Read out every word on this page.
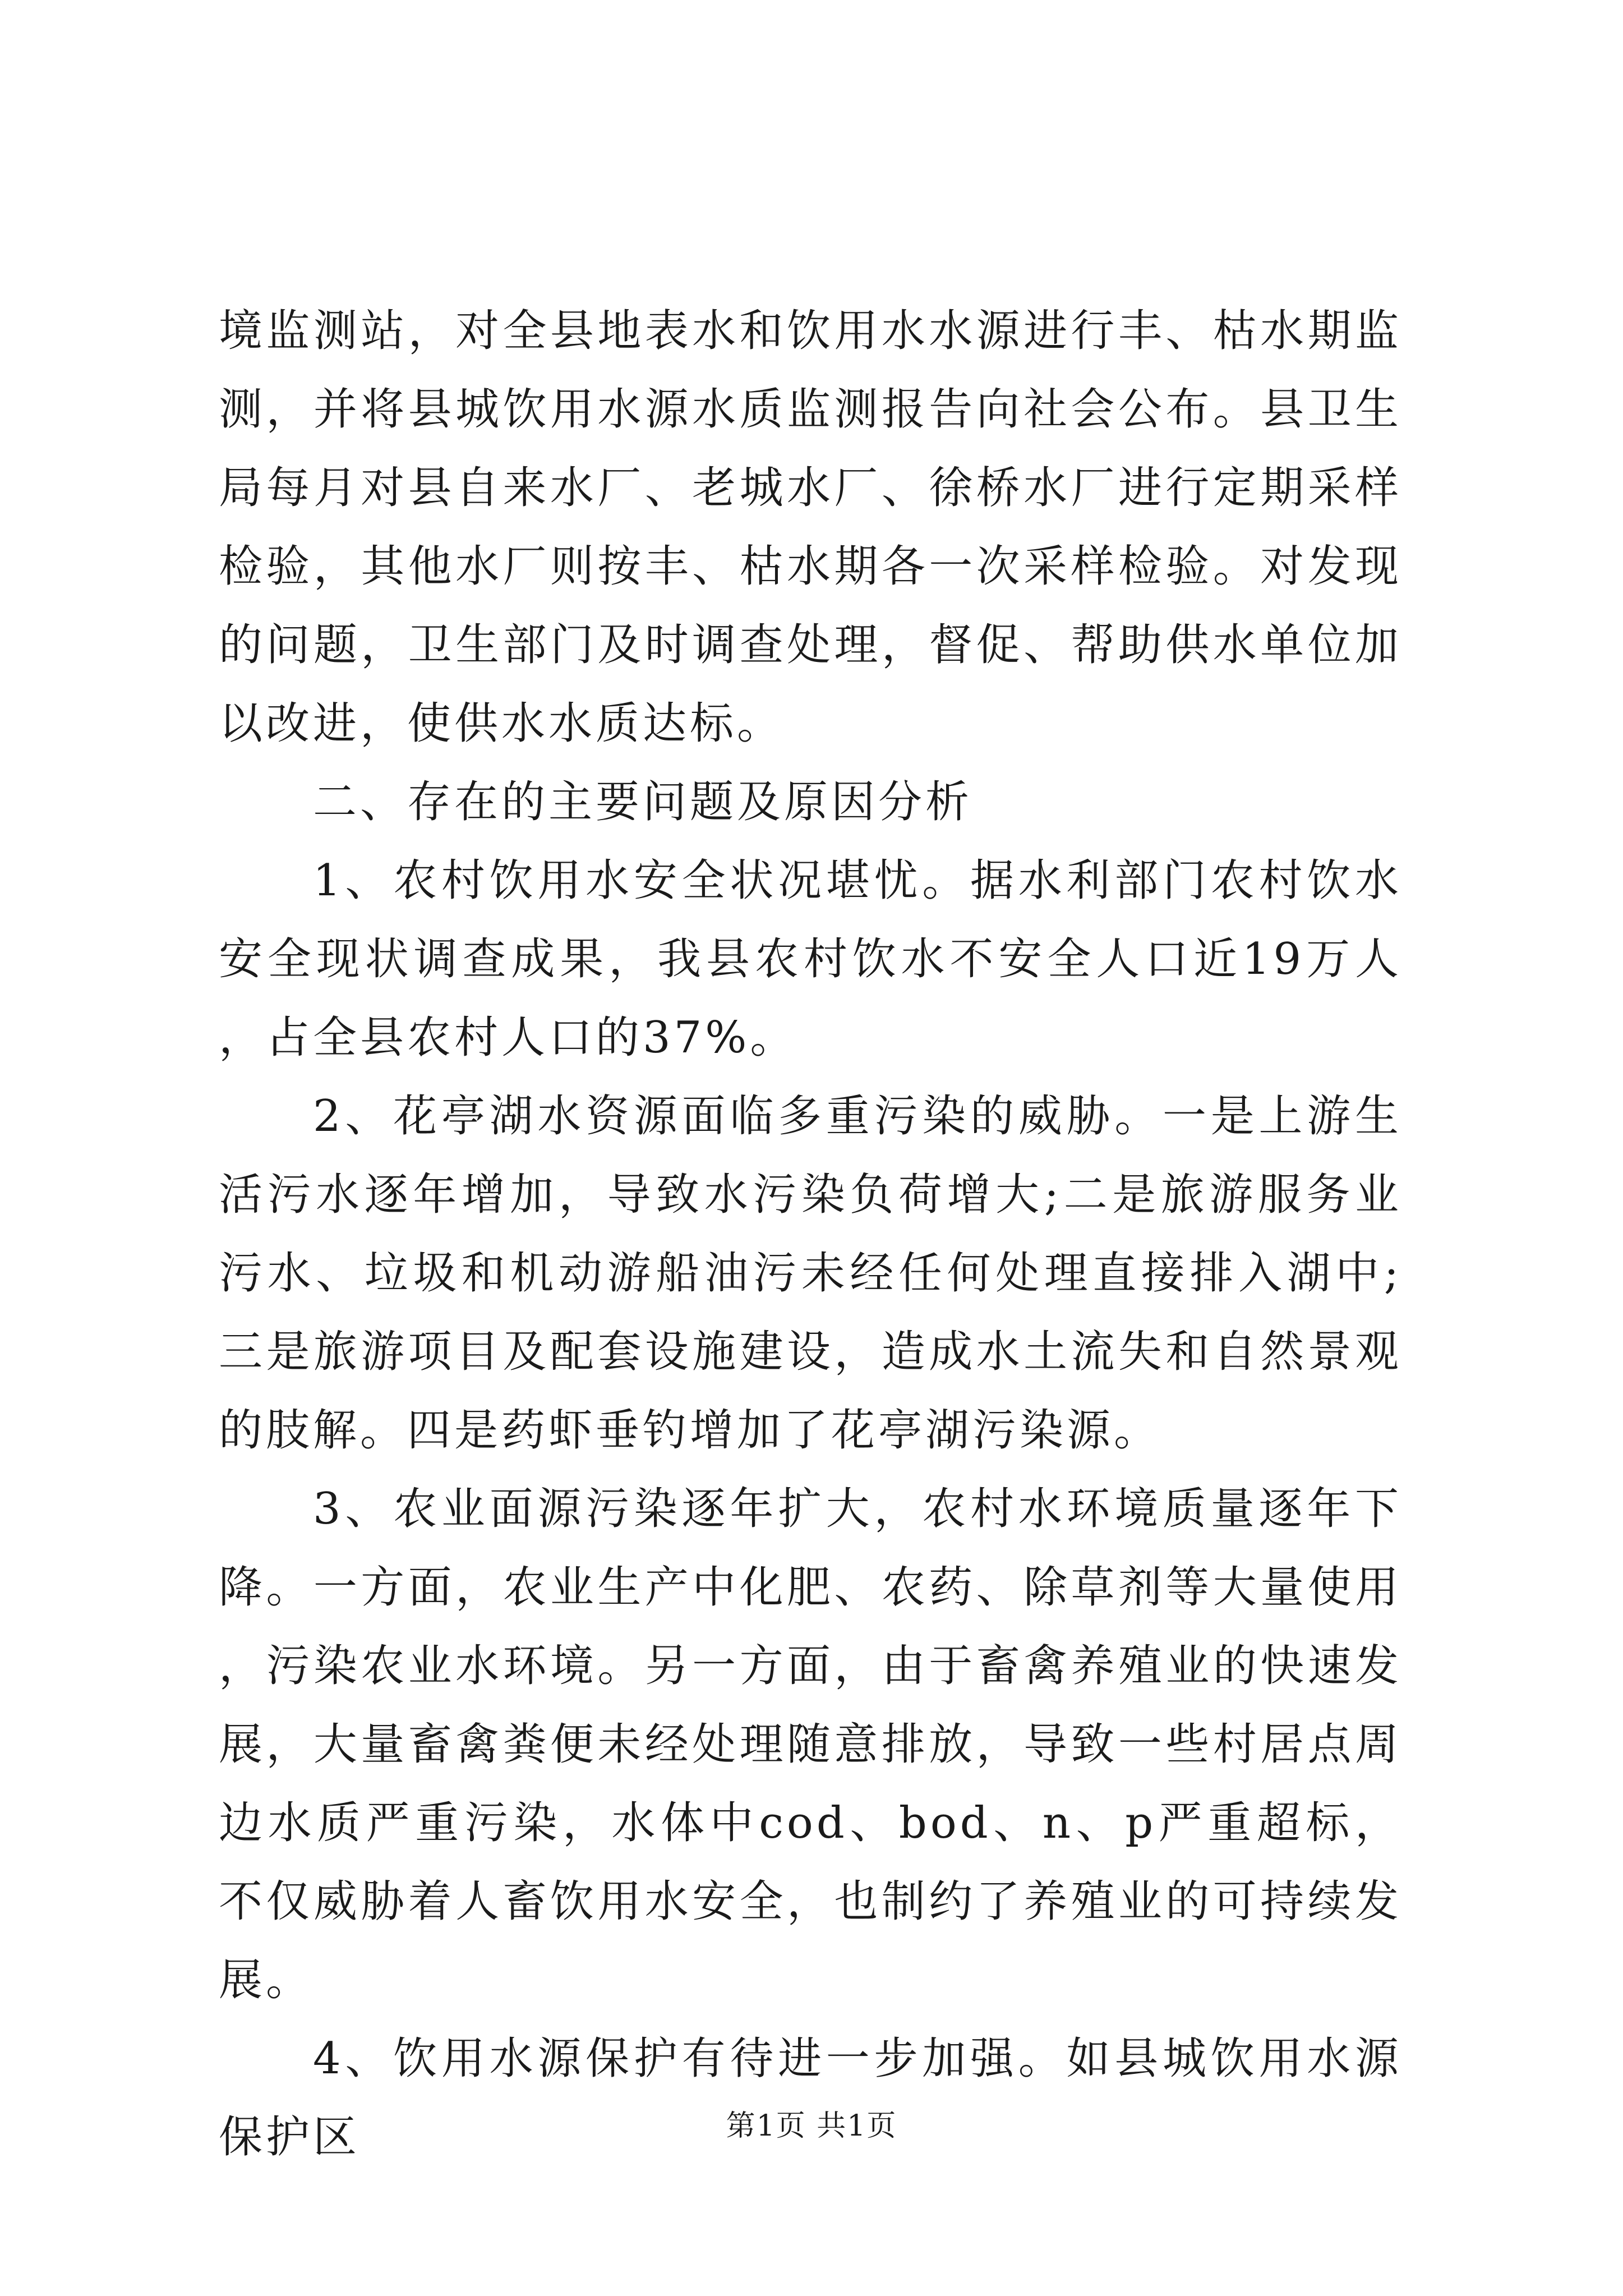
境监测站，对全县地表水和饮用水水源进行丰、枯水期监测，并将县城饮用水源水质监测报告向社会公布。县卫生局每月对县自来水厂、老城水厂、徐桥水厂进行定期采样检验，其他水厂则按丰、枯水期各一次采样检验。对发现的问题，卫生部门及时调查处理，督促、帮助供水单位加以改进，使供水水质达标。

二、存在的主要问题及原因分析

1、农村饮用水安全状况堪忧。据水利部门农村饮水安全现状调查成果，我县农村饮水不安全人口近19万人，占全县农村人口的37%。

2、花亭湖水资源面临多重污染的威胁。一是上游生活污水逐年增加，导致水污染负荷增大;二是旅游服务业污水、垃圾和机动游船油污未经任何处理直接排入湖中;三是旅游项目及配套设施建设，造成水土流失和自然景观的肢解。四是药虾垂钓增加了花亭湖污染源。

3、农业面源污染逐年扩大，农村水环境质量逐年下降。一方面，农业生产中化肥、农药、除草剂等大量使用，污染农业水环境。另一方面，由于畜禽养殖业的快速发展，大量畜禽粪便未经处理随意排放，导致一些村居点周边水质严重污染，水体中cod、bod、n、p严重超标，不仅威胁着人畜饮用水安全，也制约了养殖业的可持续发展。

4、饮用水源保护有待进一步加强。如县城饮用水源保护区	第1页 共1页
